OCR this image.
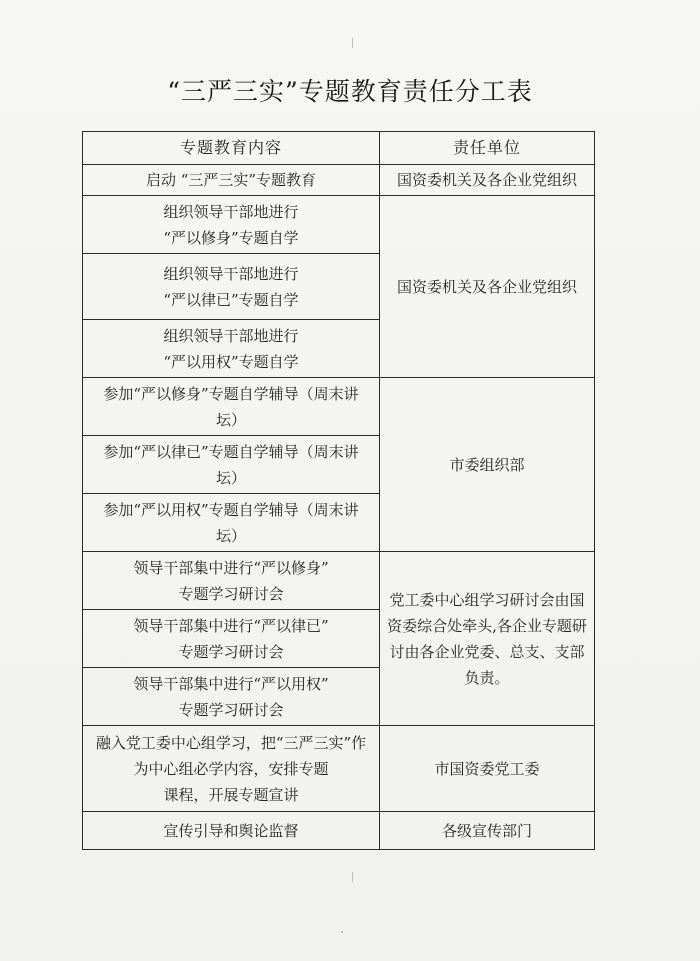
“三严三实”专题教育责任分工表
专题教育内容	责任单位
启动 “三严三实”专题教育	国资委机关及各企业党组织
组织领导干部地进行
“严以修身”专题自学	国资委机关及各企业党组织
组织领导干部地进行
“严以律已”专题自学	
组织领导干部地进行
“严以用权”专题自学	
参加“严以修身”专题自学辅导（周末讲
坛）	市委组织部
参加“严以律已”专题自学辅导（周末讲
坛）	
参加“严以用权”专题自学辅导（周末讲
坛）	
领导干部集中进行“严以修身”
专题学习研讨会	党工委中心组学习研讨会由国资委综合处牵头,各企业专题研讨由各企业党委、总支、支部负责。
领导干部集中进行“严以律已”
专题学习研讨会	
领导干部集中进行“严以用权”
专题学习研讨会	
融入党工委中心组学习，把“三严三实”作
为中心组必学内容，安排专题
课程，开展专题宣讲	市国资委党工委
宣传引导和舆论监督	各级宣传部门
